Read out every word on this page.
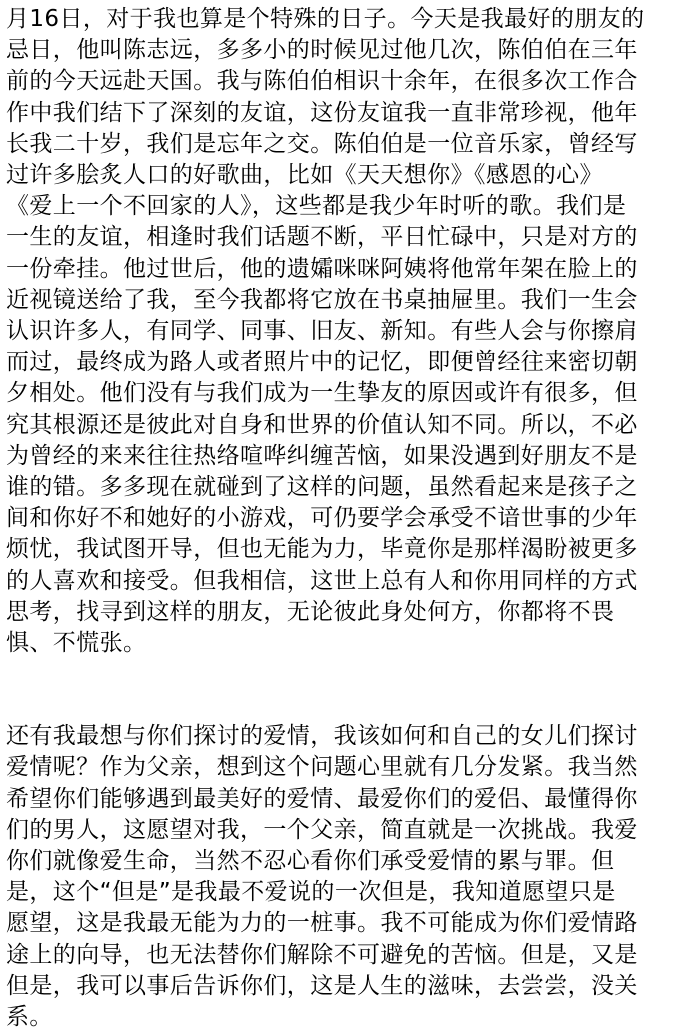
月16日，对于我也算是个特殊的日子。今天是我最好的朋友的
忌日，他叫陈志远，多多小的时候见过他几次，陈伯伯在三年
前的今天远赴天国。我与陈伯伯相识十余年，在很多次工作合
作中我们结下了深刻的友谊，这份友谊我一直非常珍视，他年
长我二十岁，我们是忘年之交。陈伯伯是一位音乐家，曾经写
过许多脍炙人口的好歌曲，比如《天天想你》《感恩的心》
《爱上一个不回家的人》，这些都是我少年时听的歌。我们是
一生的友谊，相逢时我们话题不断，平日忙碌中，只是对方的
一份牵挂。他过世后，他的遗孀咪咪阿姨将他常年架在脸上的
近视镜送给了我，至今我都将它放在书桌抽屉里。我们一生会
认识许多人，有同学、同事、旧友、新知。有些人会与你擦肩
而过，最终成为路人或者照片中的记忆，即便曾经往来密切朝
夕相处。他们没有与我们成为一生挚友的原因或许有很多，但
究其根源还是彼此对自身和世界的价值认知不同。所以，不必
为曾经的来来往往热络喧哗纠缠苦恼，如果没遇到好朋友不是
谁的错。多多现在就碰到了这样的问题，虽然看起来是孩子之
间和你好不和她好的小游戏，可仍要学会承受不谙世事的少年
烦忧，我试图开导，但也无能为力，毕竟你是那样渴盼被更多
的人喜欢和接受。但我相信，这世上总有人和你用同样的方式
思考，找寻到这样的朋友，无论彼此身处何方，你都将不畏
惧、不慌张。
还有我最想与你们探讨的爱情，我该如何和自己的女儿们探讨
爱情呢？作为父亲，想到这个问题心里就有几分发紧。我当然
希望你们能够遇到最美好的爱情、最爱你们的爱侣、最懂得你
们的男人，这愿望对我，一个父亲，简直就是一次挑战。我爱
你们就像爱生命，当然不忍心看你们承受爱情的累与罪。但
是，这个“但是”是我最不爱说的一次但是，我知道愿望只是
愿望，这是我最无能为力的一桩事。我不可能成为你们爱情路
途上的向导，也无法替你们解除不可避免的苦恼。但是，又是
但是，我可以事后告诉你们，这是人生的滋味，去尝尝，没关
系。
